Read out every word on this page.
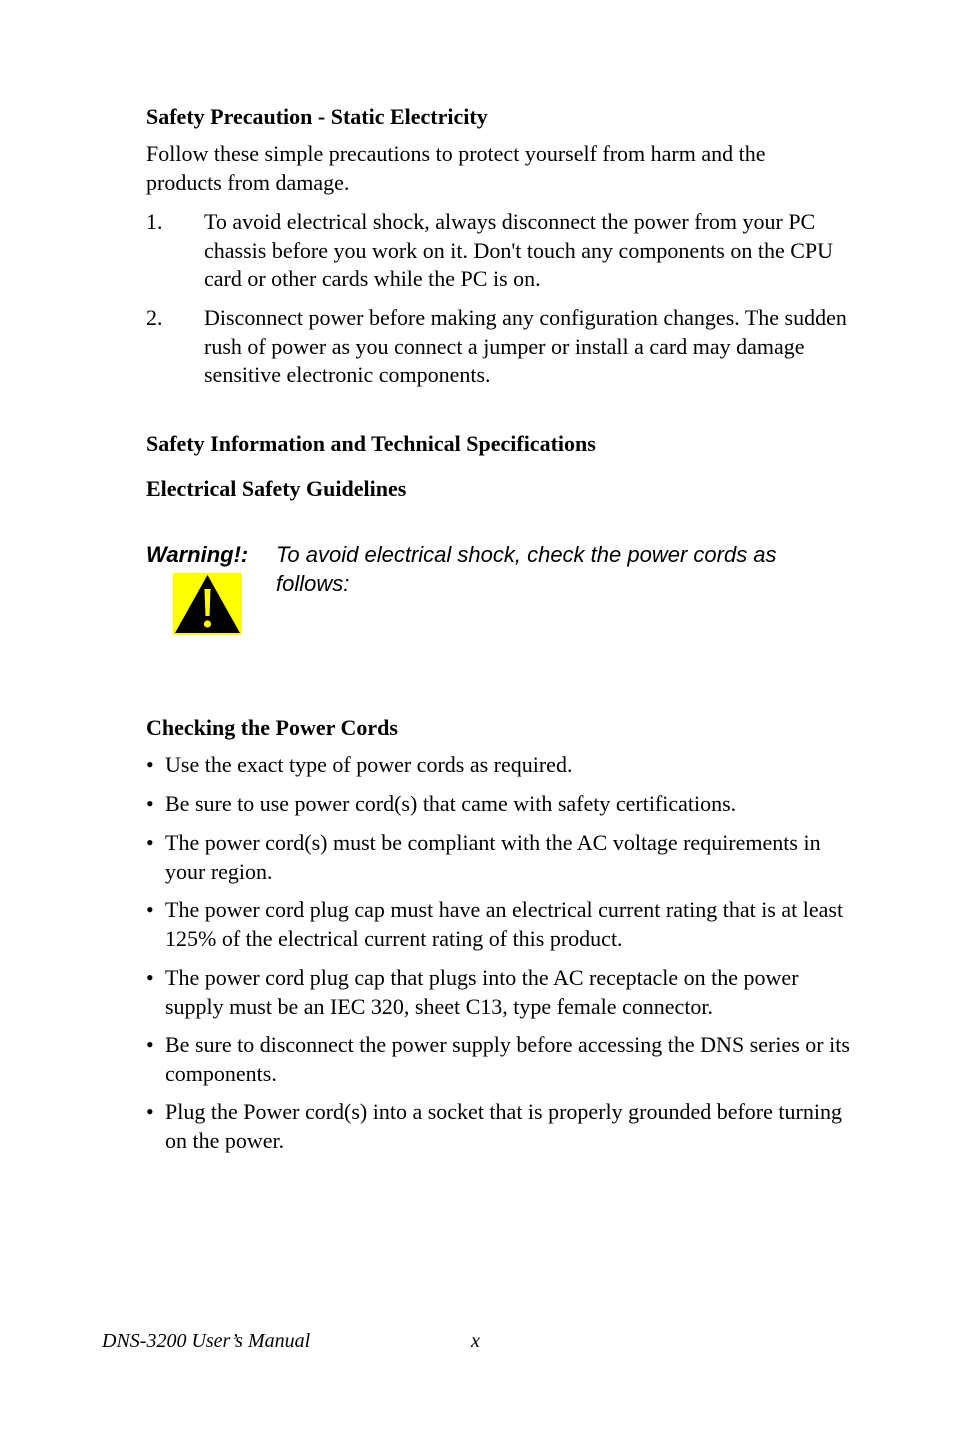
Safety Precaution - Static Electricity
Follow these simple precautions to protect yourself from harm and the products from damage.
1. To avoid electrical shock, always disconnect the power from your PC chassis before you work on it. Don't touch any components on the CPU card or other cards while the PC is on.
2. Disconnect power before making any configuration changes. The sudden rush of power as you connect a jumper or install a card may damage sensitive electronic components.
Safety Information and Technical Specifications
Electrical Safety Guidelines
Warning!: To avoid electrical shock, check the power cords as follows:
Checking the Power Cords
• Use the exact type of power cords as required.
• Be sure to use power cord(s) that came with safety certifications.
• The power cord(s) must be compliant with the AC voltage requirements in your region.
• The power cord plug cap must have an electrical current rating that is at least 125% of the electrical current rating of this product.
• The power cord plug cap that plugs into the AC receptacle on the power supply must be an IEC 320, sheet C13, type female connector.
• Be sure to disconnect the power supply before accessing the DNS series or its components.
• Plug the Power cord(s) into a socket that is properly grounded before turning on the power.
DNS-3200 User’s Manual	x
